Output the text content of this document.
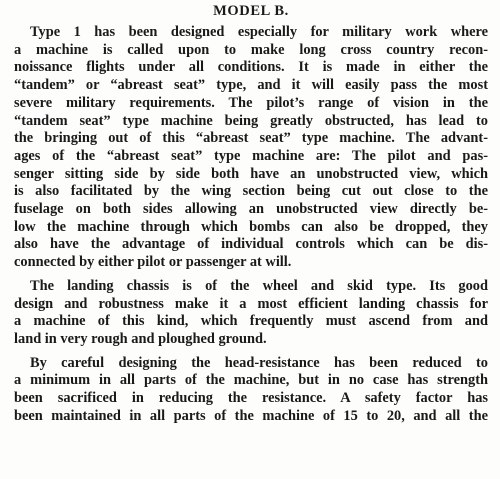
MODEL B.
Type 1 has been designed especially for military work where
a machine is called upon to make long cross country recon-
noissance flights under all conditions. It is made in either the
“tandem” or “abreast seat” type, and it will easily pass the most
severe military requirements. The pilot’s range of vision in the
“tandem seat” type machine being greatly obstructed, has lead to
the bringing out of this “abreast seat” type machine. The advant-
ages of the “abreast seat” type machine are: The pilot and pas-
senger sitting side by side both have an unobstructed view, which
is also facilitated by the wing section being cut out close to the
fuselage on both sides allowing an unobstructed view directly be-
low the machine through which bombs can also be dropped, they
also have the advantage of individual controls which can be dis-
connected by either pilot or passenger at will.
The landing chassis is of the wheel and skid type. Its good
design and robustness make it a most efficient landing chassis for
a machine of this kind, which frequently must ascend from and
land in very rough and ploughed ground.
By careful designing the head-resistance has been reduced to
a minimum in all parts of the machine, but in no case has strength
been sacrificed in reducing the resistance. A safety factor has
been maintained in all parts of the machine of 15 to 20, and all the
